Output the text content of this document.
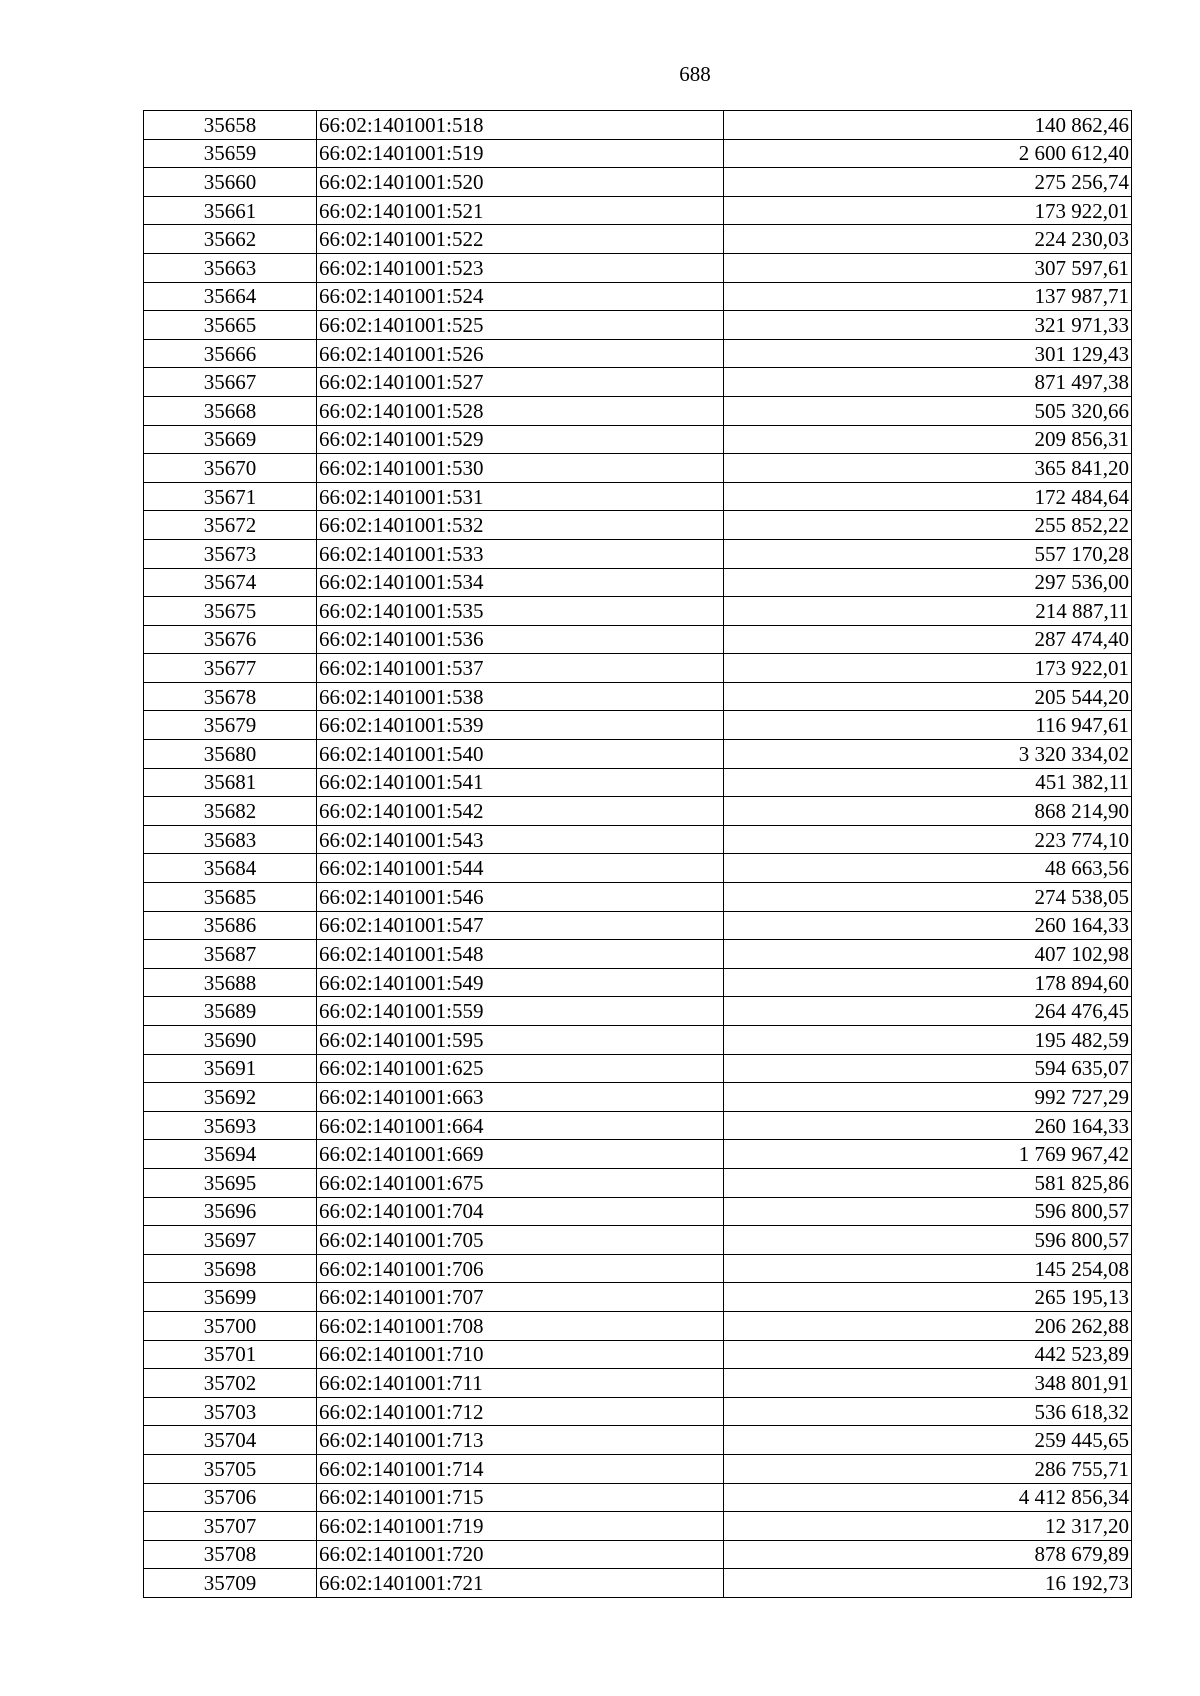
688
35658	66:02:1401001:518	140 862,46
35659	66:02:1401001:519	2 600 612,40
35660	66:02:1401001:520	275 256,74
35661	66:02:1401001:521	173 922,01
35662	66:02:1401001:522	224 230,03
35663	66:02:1401001:523	307 597,61
35664	66:02:1401001:524	137 987,71
35665	66:02:1401001:525	321 971,33
35666	66:02:1401001:526	301 129,43
35667	66:02:1401001:527	871 497,38
35668	66:02:1401001:528	505 320,66
35669	66:02:1401001:529	209 856,31
35670	66:02:1401001:530	365 841,20
35671	66:02:1401001:531	172 484,64
35672	66:02:1401001:532	255 852,22
35673	66:02:1401001:533	557 170,28
35674	66:02:1401001:534	297 536,00
35675	66:02:1401001:535	214 887,11
35676	66:02:1401001:536	287 474,40
35677	66:02:1401001:537	173 922,01
35678	66:02:1401001:538	205 544,20
35679	66:02:1401001:539	116 947,61
35680	66:02:1401001:540	3 320 334,02
35681	66:02:1401001:541	451 382,11
35682	66:02:1401001:542	868 214,90
35683	66:02:1401001:543	223 774,10
35684	66:02:1401001:544	48 663,56
35685	66:02:1401001:546	274 538,05
35686	66:02:1401001:547	260 164,33
35687	66:02:1401001:548	407 102,98
35688	66:02:1401001:549	178 894,60
35689	66:02:1401001:559	264 476,45
35690	66:02:1401001:595	195 482,59
35691	66:02:1401001:625	594 635,07
35692	66:02:1401001:663	992 727,29
35693	66:02:1401001:664	260 164,33
35694	66:02:1401001:669	1 769 967,42
35695	66:02:1401001:675	581 825,86
35696	66:02:1401001:704	596 800,57
35697	66:02:1401001:705	596 800,57
35698	66:02:1401001:706	145 254,08
35699	66:02:1401001:707	265 195,13
35700	66:02:1401001:708	206 262,88
35701	66:02:1401001:710	442 523,89
35702	66:02:1401001:711	348 801,91
35703	66:02:1401001:712	536 618,32
35704	66:02:1401001:713	259 445,65
35705	66:02:1401001:714	286 755,71
35706	66:02:1401001:715	4 412 856,34
35707	66:02:1401001:719	12 317,20
35708	66:02:1401001:720	878 679,89
35709	66:02:1401001:721	16 192,73
